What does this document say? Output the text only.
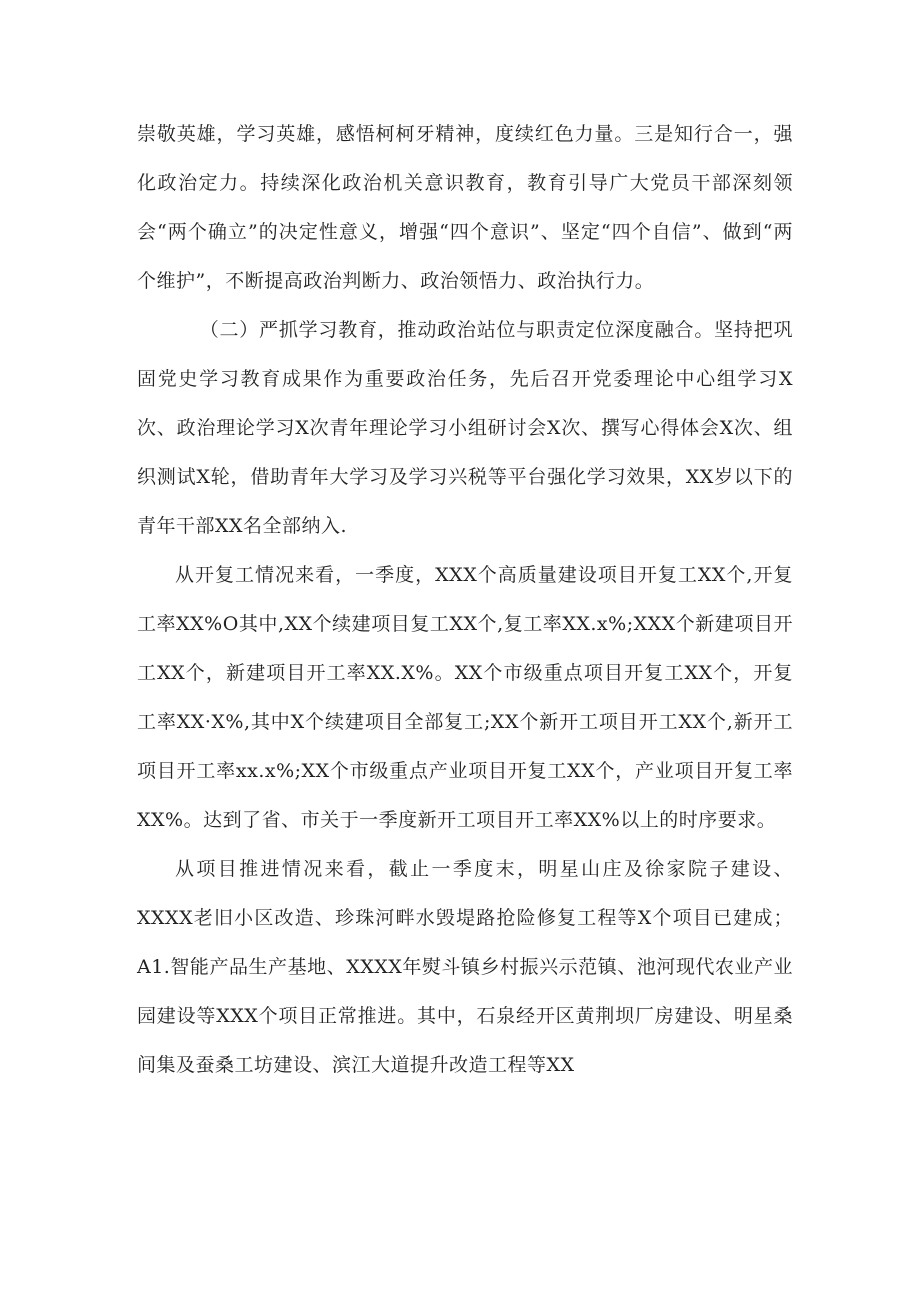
崇敬英雄，学习英雄，感悟柯柯牙精神，度续红色力量。三是知行合一，强化政治定力。持续深化政治机关意识教育，教育引导广大党员干部深刻领会“两个确立”的决定性意义，增强“四个意识”、坚定“四个自信”、做到“两个维护”，不断提高政治判断力、政治领悟力、政治执行力。

（二）严抓学习教育，推动政治站位与职责定位深度融合。坚持把巩固党史学习教育成果作为重要政治任务，先后召开党委理论中心组学习X次、政治理论学习X次青年理论学习小组研讨会X次、撰写心得体会X次、组织测试X轮，借助青年大学习及学习兴税等平台强化学习效果，XX岁以下的青年干部XX名全部纳入.

从开复工情况来看，一季度，XXX个高质量建设项目开复工XX个,开复工率XX%O其中,XX个续建项目复工XX个,复工率XX.x%;XXX个新建项目开工XX个，新建项目开工率XX.X%。XX个市级重点项目开复工XX个，开复工率XX·X%,其中X个续建项目全部复工;XX个新开工项目开工XX个,新开工项目开工率xx.x%;XX个市级重点产业项目开复工XX个，产业项目开复工率XX%。达到了省、市关于一季度新开工项目开工率XX%以上的时序要求。

从项目推进情况来看，截止一季度末，明星山庄及徐家院子建设、XXXX老旧小区改造、珍珠河畔水毁堤路抢险修复工程等X个项目已建成；A1.智能产品生产基地、XXXX年熨斗镇乡村振兴示范镇、池河现代农业产业园建设等XXX个项目正常推进。其中，石泉经开区黄荆坝厂房建设、明星桑间集及蚕桑工坊建设、滨江大道提升改造工程等XX
